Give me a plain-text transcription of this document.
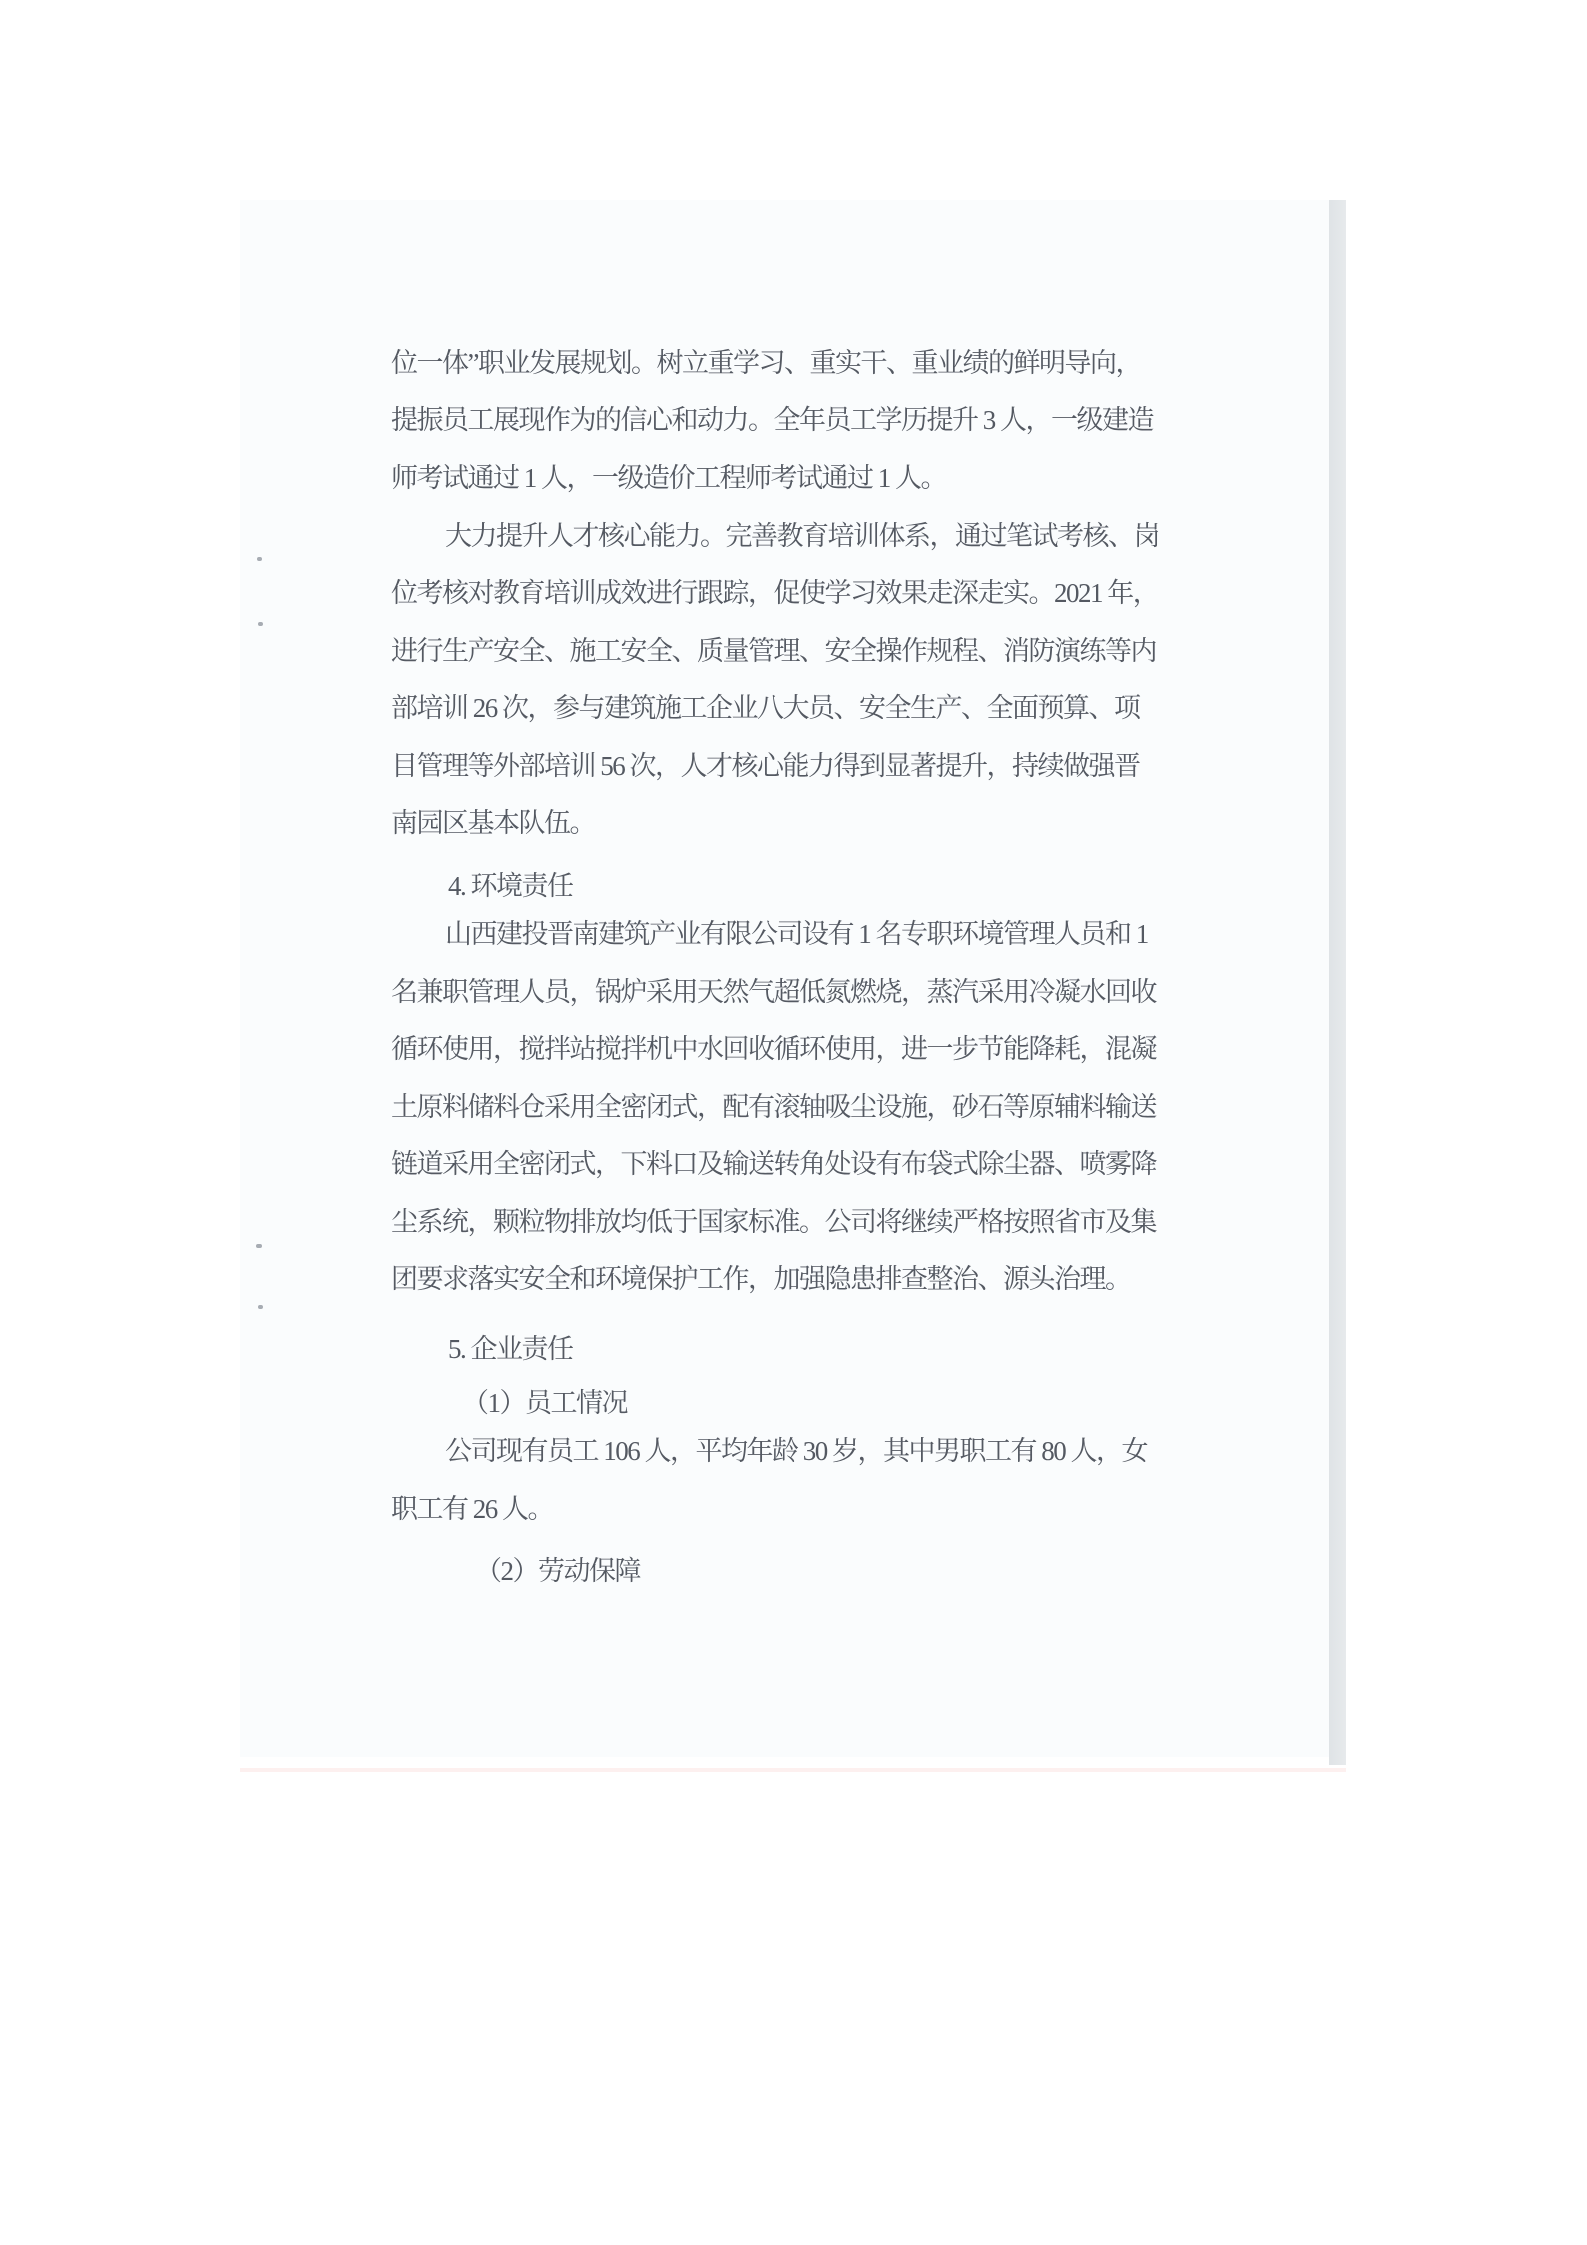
位一体”职业发展规划。树立重学习、重实干、重业绩的鲜明导向，
提振员工展现作为的信心和动力。全年员工学历提升 3 人，一级建造
师考试通过 1 人，一级造价工程师考试通过 1 人。
大力提升人才核心能力。完善教育培训体系，通过笔试考核、岗
位考核对教育培训成效进行跟踪，促使学习效果走深走实。2021 年，
进行生产安全、施工安全、质量管理、安全操作规程、消防演练等内
部培训 26 次，参与建筑施工企业八大员、安全生产、全面预算、项
目管理等外部培训 56 次，人才核心能力得到显著提升，持续做强晋
南园区基本队伍。
4. 环境责任
山西建投晋南建筑产业有限公司设有 1 名专职环境管理人员和 1
名兼职管理人员，锅炉采用天然气超低氮燃烧，蒸汽采用冷凝水回收
循环使用，搅拌站搅拌机中水回收循环使用，进一步节能降耗，混凝
土原料储料仓采用全密闭式，配有滚轴吸尘设施，砂石等原辅料输送
链道采用全密闭式，下料口及输送转角处设有布袋式除尘器、喷雾降
尘系统，颗粒物排放均低于国家标准。公司将继续严格按照省市及集
团要求落实安全和环境保护工作，加强隐患排查整治、源头治理。
5. 企业责任
（1）员工情况
公司现有员工 106 人，平均年龄 30 岁，其中男职工有 80 人，女
职工有 26 人。
（2）劳动保障
